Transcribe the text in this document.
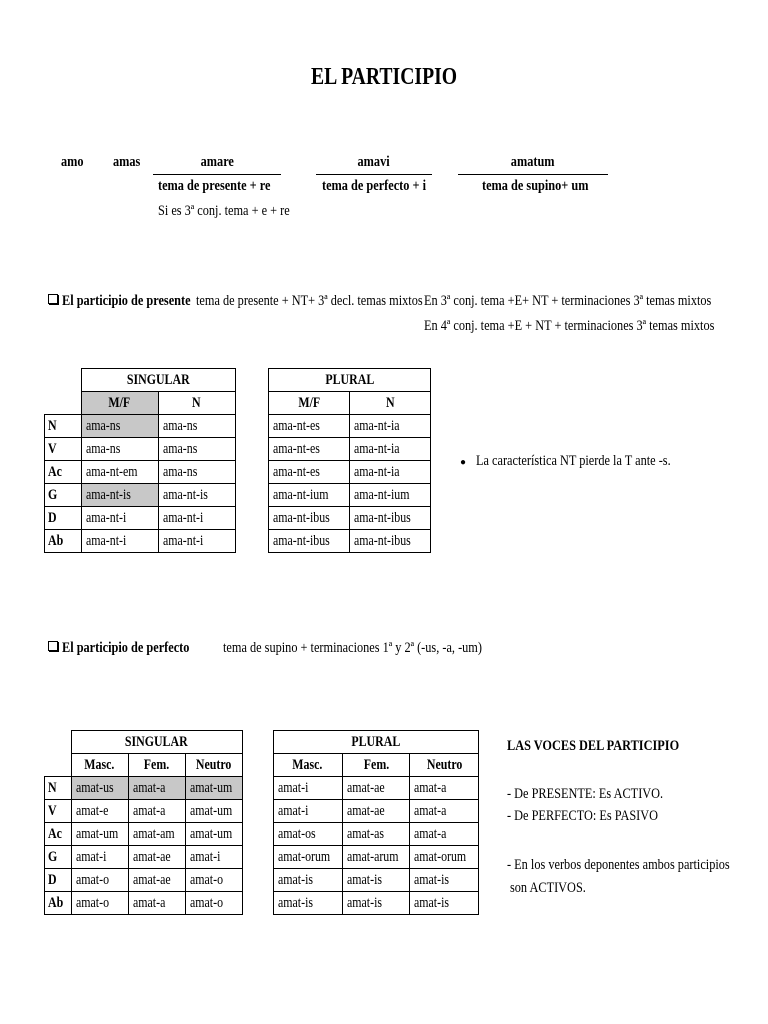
EL PARTICIPIO
amo	amas	amare	amavi	amatum
tema de presente + re	tema de perfecto + i	tema de supino+ um
Si es 3ª conj. tema + e + re
El participio de presente tema de presente + NT+ 3ª decl. temas mixtos En 3ª conj. tema +E+ NT + terminaciones 3ª temas mixtos
En 4ª conj. tema +E + NT + terminaciones 3ª temas mixtos
	SINGULAR	
	M/F	N
N	ama-ns	ama-ns
V	ama-ns	ama-ns
Ac	ama-nt-em	ama-ns
G	ama-nt-is	ama-nt-is
D	ama-nt-i	ama-nt-i
Ab	ama-nt-i	ama-nt-i
PLURAL	
M/F	N
ama-nt-es	ama-nt-ia
ama-nt-es	ama-nt-ia
ama-nt-es	ama-nt-ia
ama-nt-ium	ama-nt-ium
ama-nt-ibus	ama-nt-ibus
ama-nt-ibus	ama-nt-ibus
● La característica NT pierde la T ante -s.
El participio de perfecto	tema de supino + terminaciones 1ª y 2ª (-us, -a, -um)
	SINGULAR		
	Masc.	Fem.	Neutro
N	amat-us	amat-a	amat-um
V	amat-e	amat-a	amat-um
Ac	amat-um	amat-am	amat-um
G	amat-i	amat-ae	amat-i
D	amat-o	amat-ae	amat-o
Ab	amat-o	amat-a	amat-o
PLURAL		
Masc.	Fem.	Neutro
amat-i	amat-ae	amat-a
amat-i	amat-ae	amat-a
amat-os	amat-as	amat-a
amat-orum	amat-arum	amat-orum
amat-is	amat-is	amat-is
amat-is	amat-is	amat-is
LAS VOCES DEL PARTICIPIO
- De PRESENTE: Es ACTIVO.
- De PERFECTO: Es PASIVO
- En los verbos deponentes ambos participios
son ACTIVOS.
